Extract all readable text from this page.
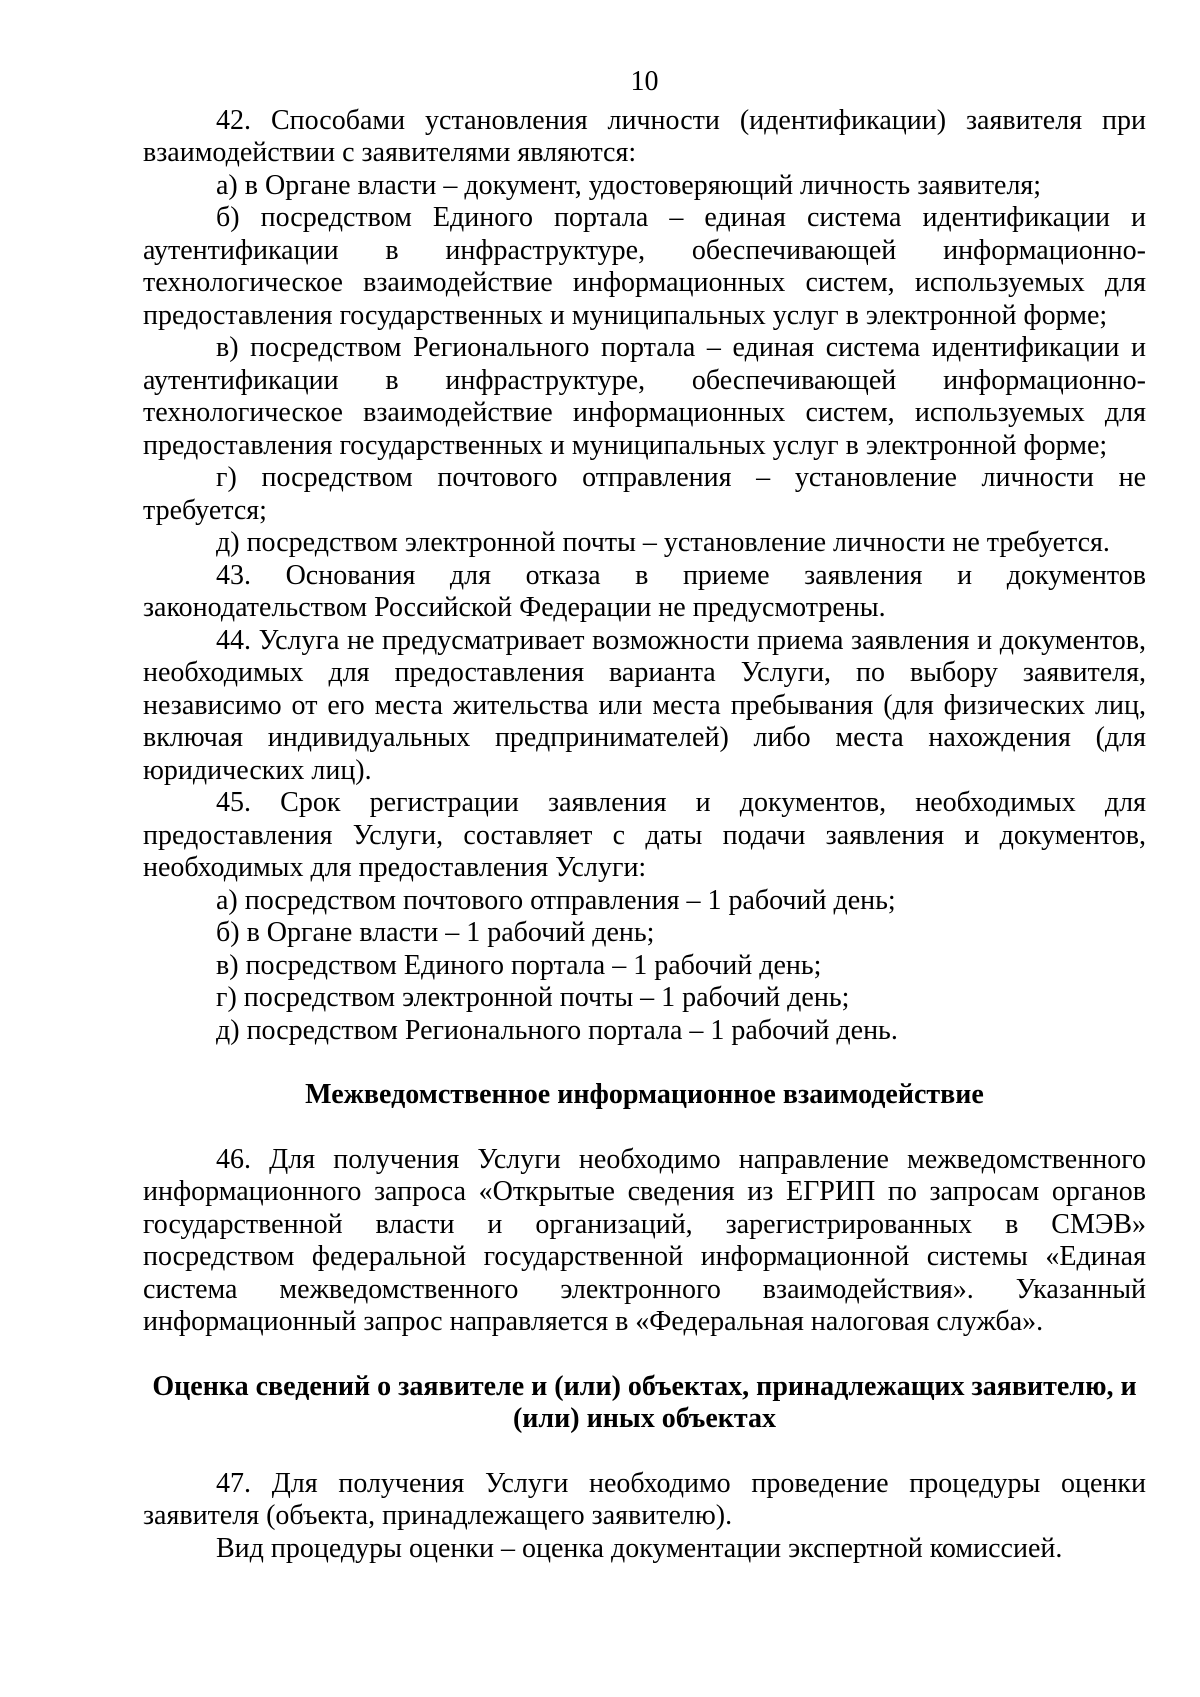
10

42. Способами установления личности (идентификации) заявителя при взаимодействии с заявителями являются:

а) в Органе власти – документ, удостоверяющий личность заявителя;

б) посредством Единого портала – единая система идентификации и аутентификации в инфраструктуре, обеспечивающей информационно-технологическое взаимодействие информационных систем, используемых для предоставления государственных и муниципальных услуг в электронной форме;

в) посредством Регионального портала – единая система идентификации и аутентификации в инфраструктуре, обеспечивающей информационно-технологическое взаимодействие информационных систем, используемых для предоставления государственных и муниципальных услуг в электронной форме;

г) посредством почтового отправления – установление личности не требуется;

д) посредством электронной почты – установление личности не требуется.

43. Основания для отказа в приеме заявления и документов законодательством Российской Федерации не предусмотрены.

44. Услуга не предусматривает возможности приема заявления и документов, необходимых для предоставления варианта Услуги, по выбору заявителя, независимо от его места жительства или места пребывания (для физических лиц, включая индивидуальных предпринимателей) либо места нахождения (для юридических лиц).

45. Срок регистрации заявления и документов, необходимых для предоставления Услуги, составляет с даты подачи заявления и документов, необходимых для предоставления Услуги:

а) посредством почтового отправления – 1 рабочий день;

б) в Органе власти – 1 рабочий день;

в) посредством Единого портала – 1 рабочий день;

г) посредством электронной почты – 1 рабочий день;

д) посредством Регионального портала – 1 рабочий день.

Межведомственное информационное взаимодействие

46. Для получения Услуги необходимо направление межведомственного информационного запроса «Открытые сведения из ЕГРИП по запросам органов государственной власти и организаций, зарегистрированных в СМЭВ» посредством федеральной государственной информационной системы «Единая система межведомственного электронного взаимодействия». Указанный информационный запрос направляется в «Федеральная налоговая служба».

Оценка сведений о заявителе и (или) объектах, принадлежащих заявителю, и (или) иных объектах

47. Для получения Услуги необходимо проведение процедуры оценки заявителя (объекта, принадлежащего заявителю).

Вид процедуры оценки – оценка документации экспертной комиссией.
